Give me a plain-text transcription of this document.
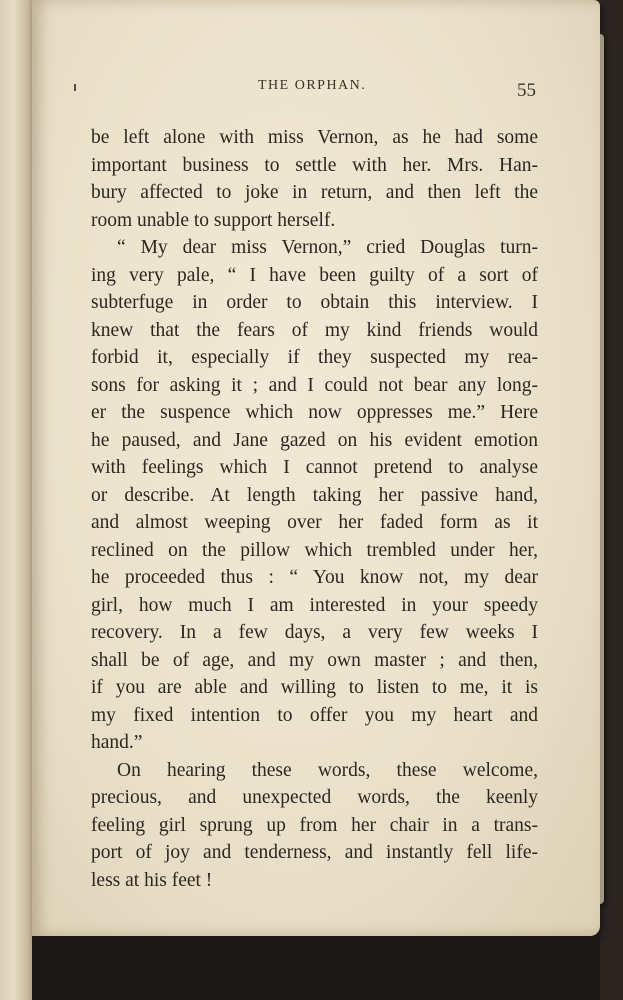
THE ORPHAN.	55
be left alone with miss Vernon, as he had some
important business to settle with her. Mrs. Han-
bury affected to joke in return, and then left the
room unable to support herself.
“ My dear miss Vernon,” cried Douglas turn-
ing very pale, “ I have been guilty of a sort of
subterfuge in order to obtain this interview. I
knew that the fears of my kind friends would
forbid it, especially if they suspected my rea-
sons for asking it ; and I could not bear any long-
er the suspence which now oppresses me.” Here
he paused, and Jane gazed on his evident emotion
with feelings which I cannot pretend to analyse
or describe. At length taking her passive hand,
and almost weeping over her faded form as it
reclined on the pillow which trembled under her,
he proceeded thus : “ You know not, my dear
girl, how much I am interested in your speedy
recovery. In a few days, a very few weeks I
shall be of age, and my own master ; and then,
if you are able and willing to listen to me, it is
my fixed intention to offer you my heart and
hand.”
On hearing these words, these welcome,
precious, and unexpected words, the keenly
feeling girl sprung up from her chair in a trans-
port of joy and tenderness, and instantly fell life-
less at his feet !
